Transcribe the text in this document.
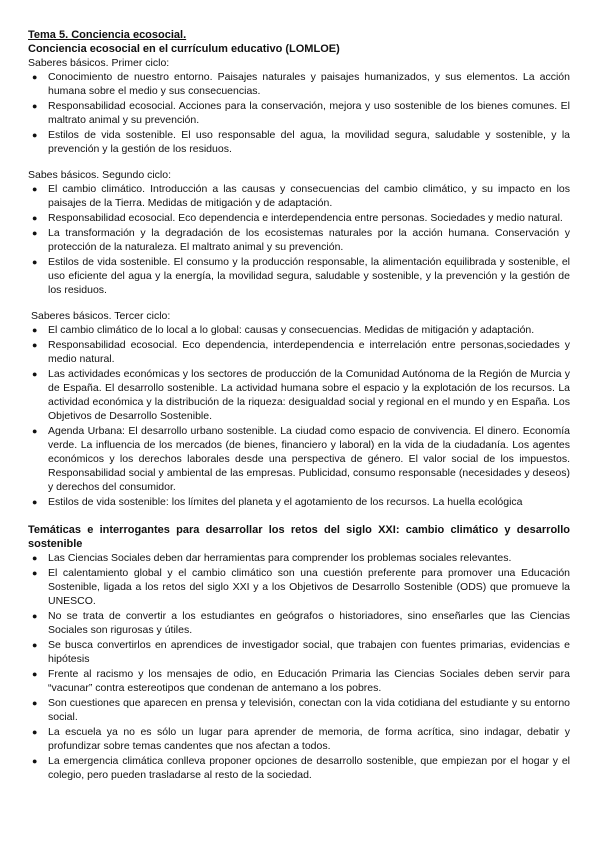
Tema 5. Conciencia ecosocial.

Conciencia ecosocial en el currículum educativo (LOMLOE)

Saberes básicos. Primer ciclo:

● Conocimiento de nuestro entorno. Paisajes naturales y paisajes humanizados, y sus elementos. La acción humana sobre el medio y sus consecuencias.
● Responsabilidad ecosocial. Acciones para la conservación, mejora y uso sostenible de los bienes comunes. El maltrato animal y su prevención.
● Estilos de vida sostenible. El uso responsable del agua, la movilidad segura, saludable y sostenible, y la prevención y la gestión de los residuos.

Sabes básicos. Segundo ciclo:

● El cambio climático. Introducción a las causas y consecuencias del cambio climático, y su impacto en los paisajes de la Tierra. Medidas de mitigación y de adaptación.
● Responsabilidad ecosocial. Eco dependencia e interdependencia entre personas. Sociedades y medio natural.
● La transformación y la degradación de los ecosistemas naturales por la acción humana. Conservación y protección de la naturaleza. El maltrato animal y su prevención.
● Estilos de vida sostenible. El consumo y la producción responsable, la alimentación equilibrada y sostenible, el uso eficiente del agua y la energía, la movilidad segura, saludable y sostenible, y la prevención y la gestión de los residuos.

Saberes básicos. Tercer ciclo:

● El cambio climático de lo local a lo global: causas y consecuencias. Medidas de mitigación y adaptación.
● Responsabilidad ecosocial. Eco dependencia, interdependencia e interrelación entre personas,sociedades y medio natural.
● Las actividades económicas y los sectores de producción de la Comunidad Autónoma de la Región de Murcia y de España. El desarrollo sostenible. La actividad humana sobre el espacio y la explotación de los recursos. La actividad económica y la distribución de la riqueza: desigualdad social y regional en el mundo y en España. Los Objetivos de Desarrollo Sostenible.
● Agenda Urbana: El desarrollo urbano sostenible. La ciudad como espacio de convivencia. El dinero. Economía verde. La influencia de los mercados (de bienes, financiero y laboral) en la vida de la ciudadanía. Los agentes económicos y los derechos laborales desde una perspectiva de género. El valor social de los impuestos. Responsabilidad social y ambiental de las empresas. Publicidad, consumo responsable (necesidades y deseos) y derechos del consumidor.
● Estilos de vida sostenible: los límites del planeta y el agotamiento de los recursos. La huella ecológica

Temáticas e interrogantes para desarrollar los retos del siglo XXI: cambio climático y desarrollo sostenible

● Las Ciencias Sociales deben dar herramientas para comprender los problemas sociales relevantes.
● El calentamiento global y el cambio climático son una cuestión preferente para promover una Educación Sostenible, ligada a los retos del siglo XXI y a los Objetivos de Desarrollo Sostenible (ODS) que promueve la UNESCO.
● No se trata de convertir a los estudiantes en geógrafos o historiadores, sino enseñarles que las Ciencias Sociales son rigurosas y útiles.
● Se busca convertirlos en aprendices de investigador social, que trabajen con fuentes primarias, evidencias e hipótesis
● Frente al racismo y los mensajes de odio, en Educación Primaria las Ciencias Sociales deben servir para “vacunar” contra estereotipos que condenan de antemano a los pobres.
● Son cuestiones que aparecen en prensa y televisión, conectan con la vida cotidiana del estudiante y su entorno social.
● La escuela ya no es sólo un lugar para aprender de memoria, de forma acrítica, sino indagar, debatir y profundizar sobre temas candentes que nos afectan a todos.
● La emergencia climática conlleva proponer opciones de desarrollo sostenible, que empiezan por el hogar y el colegio, pero pueden trasladarse al resto de la sociedad.
